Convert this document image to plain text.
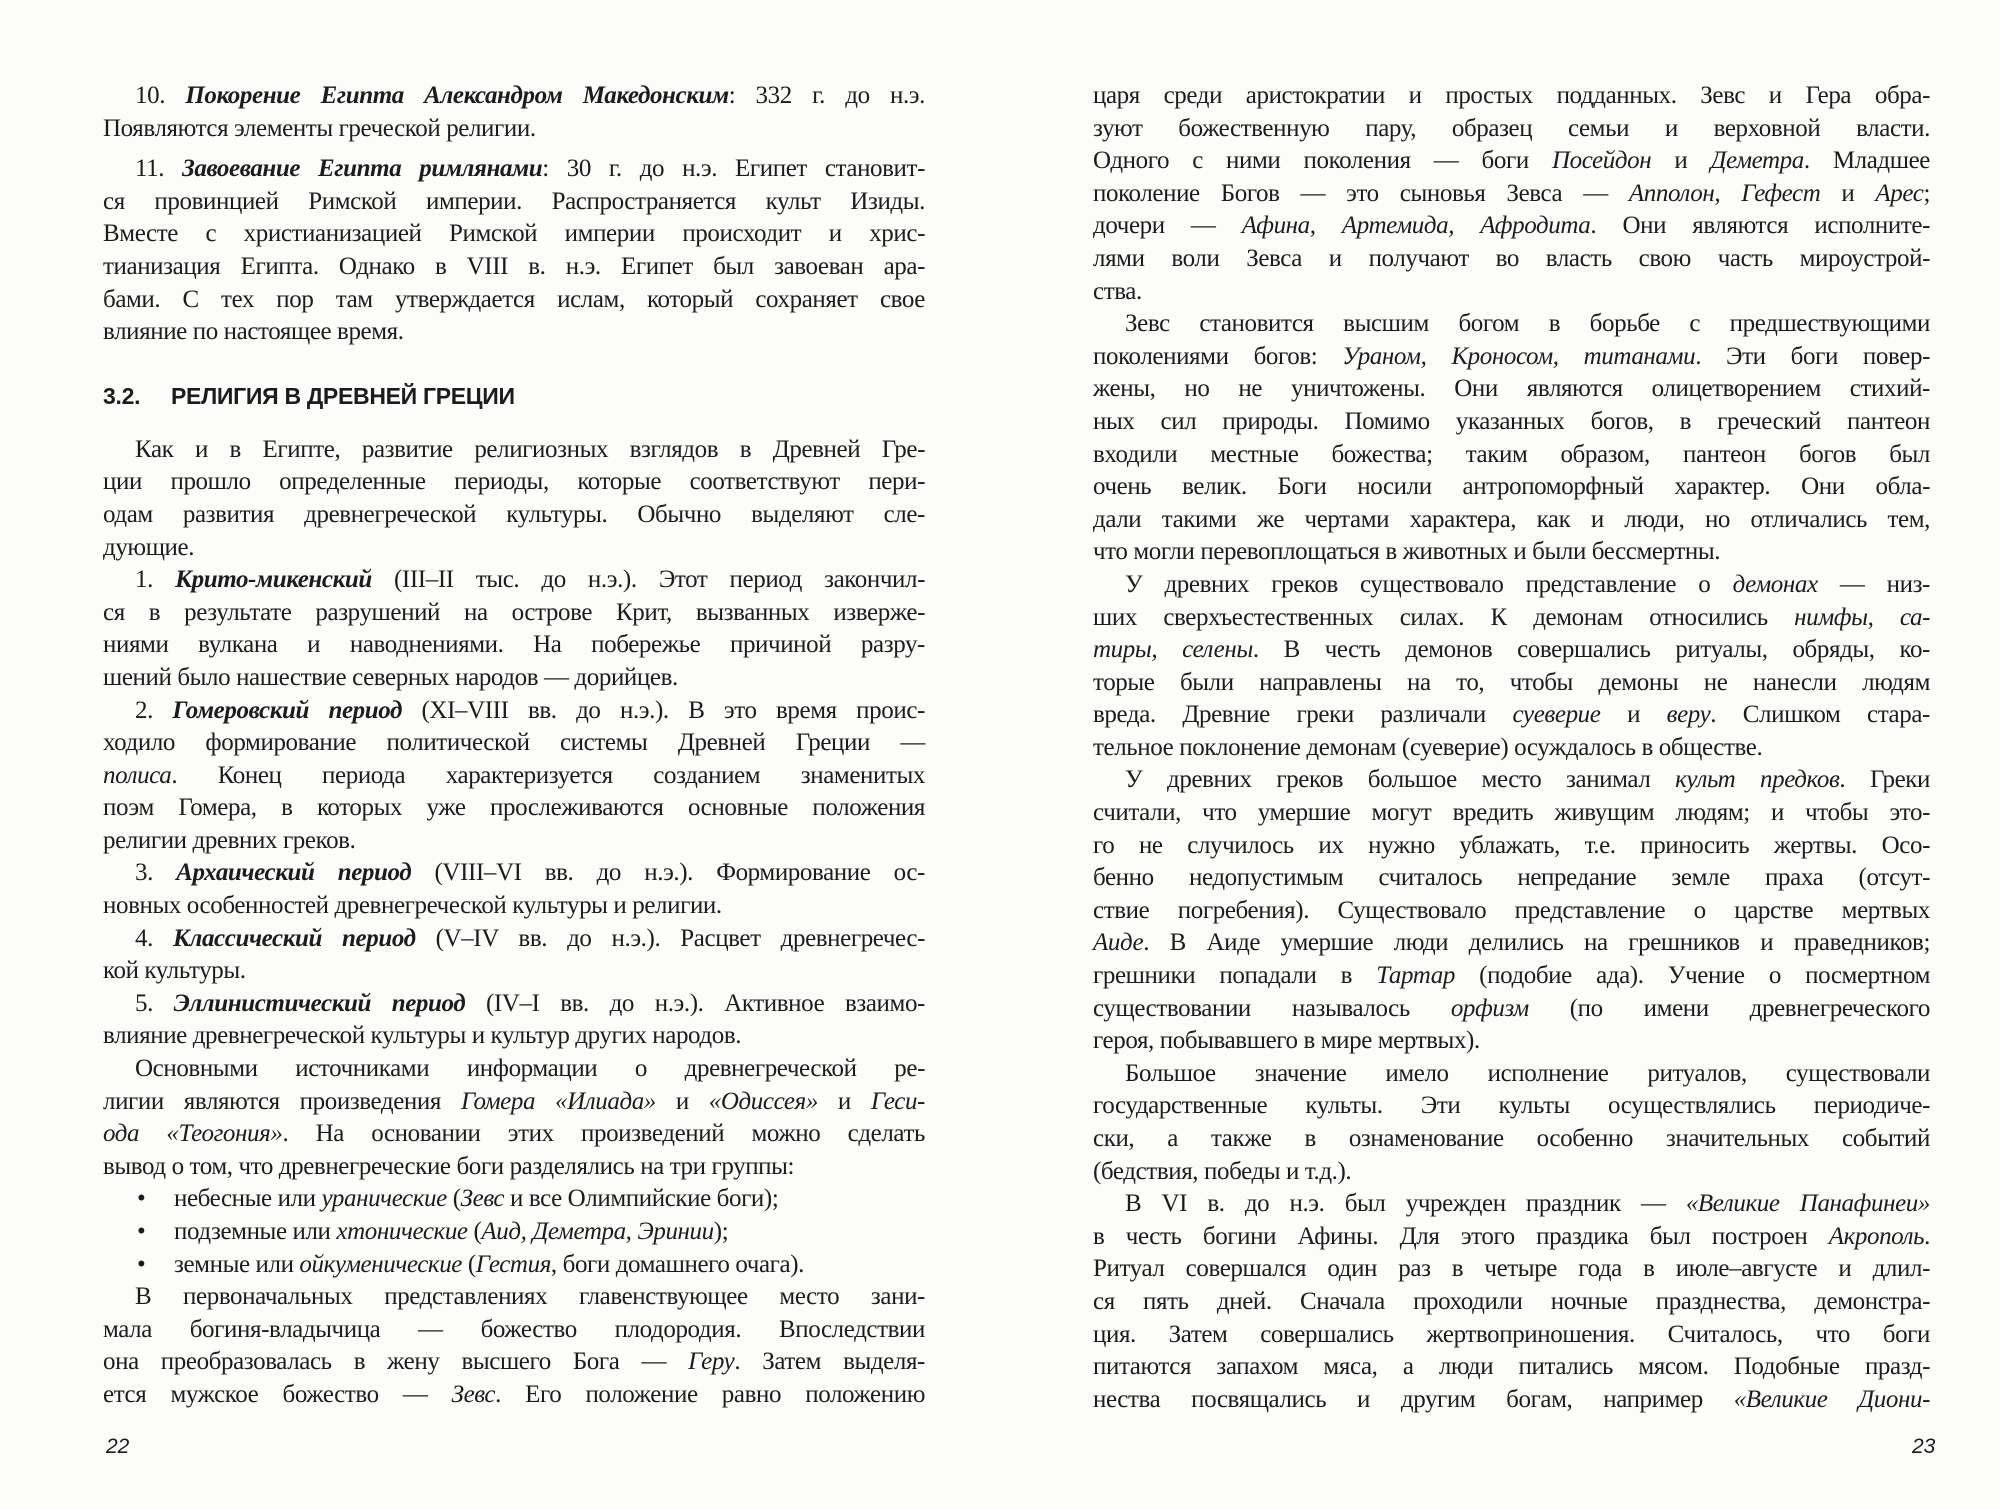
10. Покорение Египта Александром Македонским: 332 г. до н.э.
Появляются элементы греческой религии.
11. Завоевание Египта римлянами: 30 г. до н.э. Египет становит-
ся провинцией Римской империи. Распространяется культ Изиды.
Вместе с христианизацией Римской империи происходит и хрис-
тианизация Египта. Однако в VIII в. н.э. Египет был завоеван ара-
бами. С тех пор там утверждается ислам, который сохраняет свое
влияние по настоящее время.
3.2. РЕЛИГИЯ В ДРЕВНЕЙ ГРЕЦИИ
Как и в Египте, развитие религиозных взглядов в Древней Гре-
ции прошло определенные периоды, которые соответствуют пери-
одам развития древнегреческой культуры. Обычно выделяют сле-
дующие.
1. Крито-микенский (III–II тыс. до н.э.). Этот период закончил-
ся в результате разрушений на острове Крит, вызванных изверже-
ниями вулкана и наводнениями. На побережье причиной разру-
шений было нашествие северных народов — дорийцев.
2. Гомеровский период (XI–VIII вв. до н.э.). В это время проис-
ходило формирование политической системы Древней Греции —
полиса. Конец периода характеризуется созданием знаменитых
поэм Гомера, в которых уже прослеживаются основные положения
религии древних греков.
3. Архаический период (VIII–VI вв. до н.э.). Формирование ос-
новных особенностей древнегреческой культуры и религии.
4. Классический период (V–IV вв. до н.э.). Расцвет древнегречес-
кой культуры.
5. Эллинистический период (IV–I вв. до н.э.). Активное взаимо-
влияние древнегреческой культуры и культур других народов.
Основными источниками информации о древнегреческой ре-
лигии являются произведения Гомера «Илиада» и «Одиссея» и Геси-
ода «Теогония». На основании этих произведений можно сделать
вывод о том, что древнегреческие боги разделялись на три группы:
• небесные или уранические (Зевс и все Олимпийские боги);
• подземные или хтонические (Аид, Деметра, Эринии);
• земные или ойкуменические (Гестия, боги домашнего очага).
В первоначальных представлениях главенствующее место зани-
мала богиня-владычица — божество плодородия. Впоследствии
она преобразовалась в жену высшего Бога — Геру. Затем выделя-
ется мужское божество — Зевс. Его положение равно положению
22
царя среди аристократии и простых подданных. Зевс и Гера обра-
зуют божественную пару, образец семьи и верховной власти.
Одного с ними поколения — боги Посейдон и Деметра. Младшее
поколение Богов — это сыновья Зевса — Апполон, Гефест и Арес;
дочери — Афина, Артемида, Афродита. Они являются исполните-
лями воли Зевса и получают во власть свою часть мироустрой-
ства.
Зевс становится высшим богом в борьбе с предшествующими
поколениями богов: Ураном, Кроносом, титанами. Эти боги повер-
жены, но не уничтожены. Они являются олицетворением стихий-
ных сил природы. Помимо указанных богов, в греческий пантеон
входили местные божества; таким образом, пантеон богов был
очень велик. Боги носили антропоморфный характер. Они обла-
дали такими же чертами характера, как и люди, но отличались тем,
что могли перевоплощаться в животных и были бессмертны.
У древних греков существовало представление о демонах — низ-
ших сверхъестественных силах. К демонам относились нимфы, са-
тиры, селены. В честь демонов совершались ритуалы, обряды, ко-
торые были направлены на то, чтобы демоны не нанесли людям
вреда. Древние греки различали суеверие и веру. Слишком стара-
тельное поклонение демонам (суеверие) осуждалось в обществе.
У древних греков большое место занимал культ предков. Греки
считали, что умершие могут вредить живущим людям; и чтобы это-
го не случилось их нужно ублажать, т.е. приносить жертвы. Осо-
бенно недопустимым считалось непредание земле праха (отсут-
ствие погребения). Существовало представление о царстве мертвых
Аиде. В Аиде умершие люди делились на грешников и праведников;
грешники попадали в Тартар (подобие ада). Учение о посмертном
существовании называлось орфизм (по имени древнегреческого
героя, побывавшего в мире мертвых).
Большое значение имело исполнение ритуалов, существовали
государственные культы. Эти культы осуществлялись периодиче-
ски, а также в ознаменование особенно значительных событий
(бедствия, победы и т.д.).
В VI в. до н.э. был учрежден праздник — «Великие Панафинеи»
в честь богини Афины. Для этого праздика был построен Акрополь.
Ритуал совершался один раз в четыре года в июле–августе и длил-
ся пять дней. Сначала проходили ночные празднества, демонстра-
ция. Затем совершались жертвоприношения. Считалось, что боги
питаются запахом мяса, а люди питались мясом. Подобные празд-
нества посвящались и другим богам, например «Великие Диони-
23
